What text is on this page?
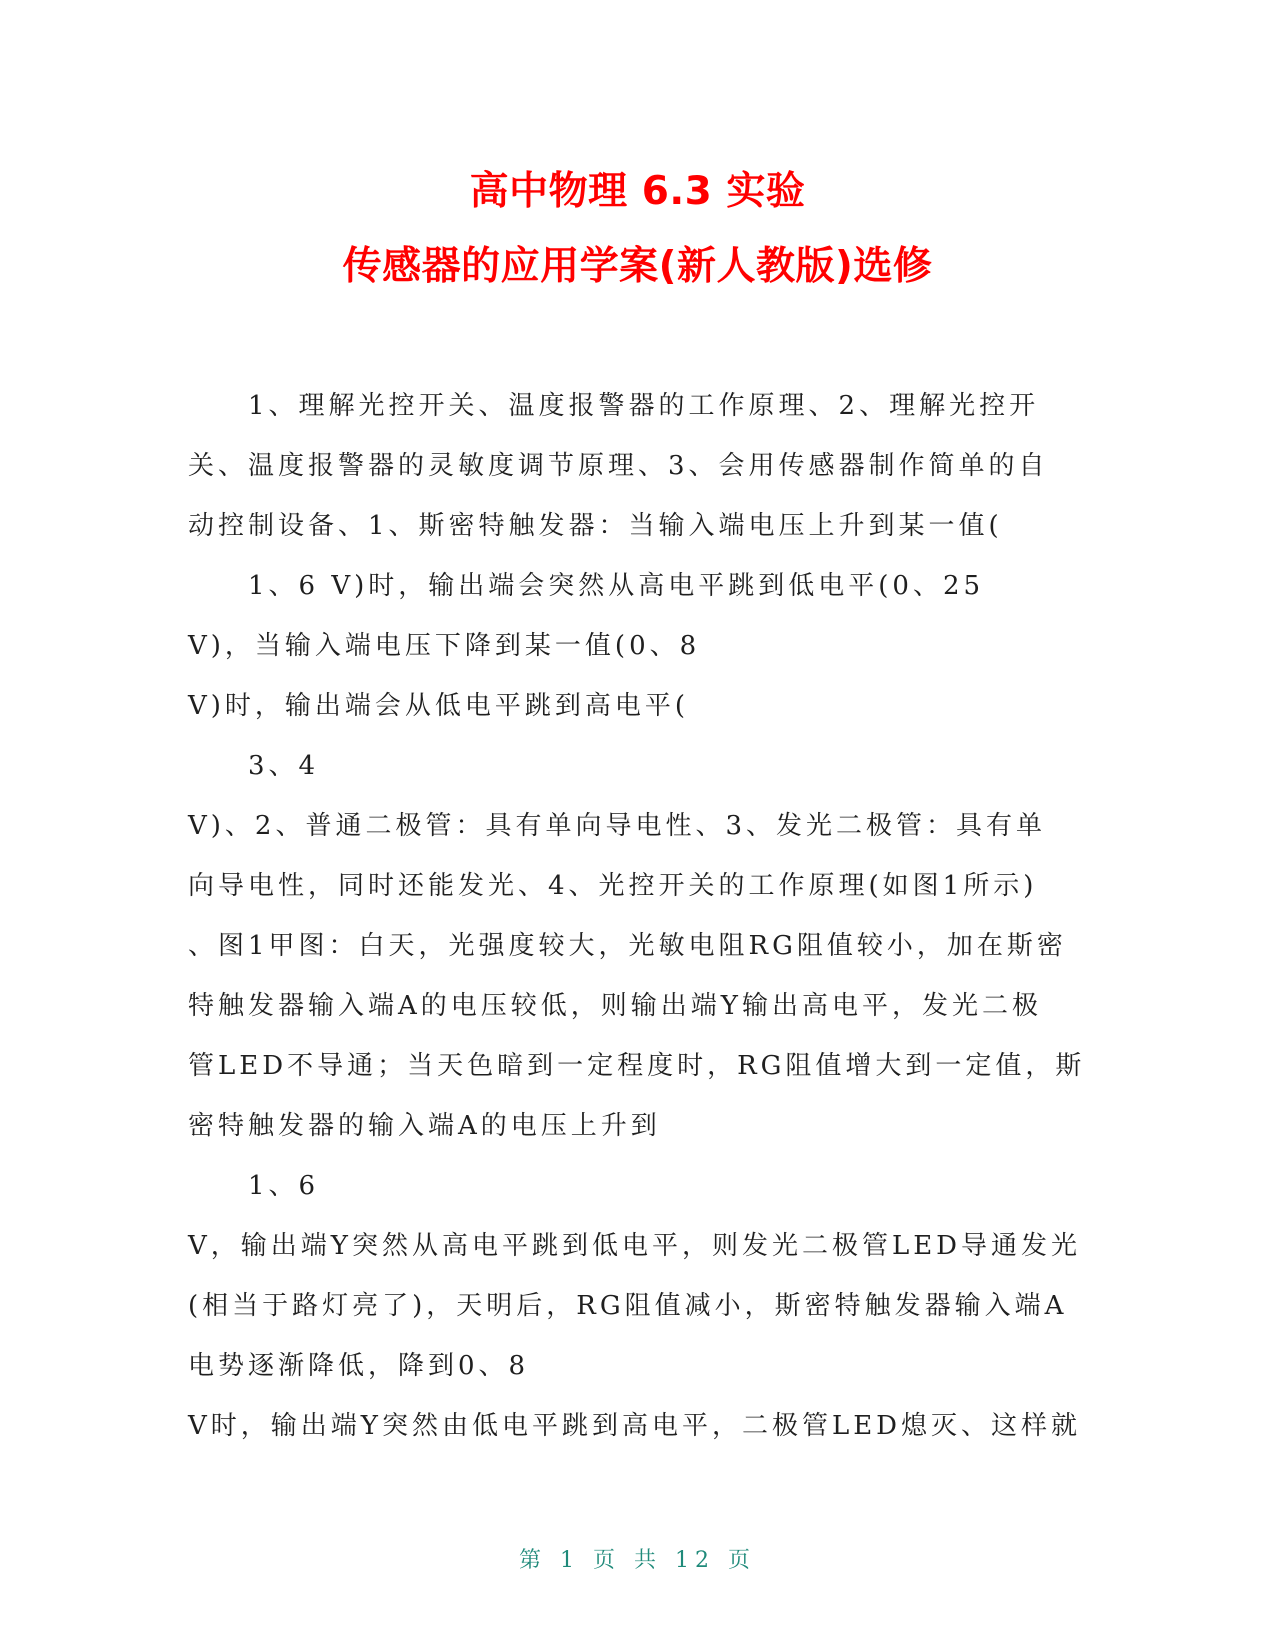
高中物理 6.3 实验
传感器的应用学案(新人教版)选修
1、理解光控开关、温度报警器的工作原理、2、理解光控开
关、温度报警器的灵敏度调节原理、3、会用传感器制作简单的自
动控制设备、1、斯密特触发器：当输入端电压上升到某一值(
1、6 V)时，输出端会突然从高电平跳到低电平(0、25
V)，当输入端电压下降到某一值(0、8
V)时，输出端会从低电平跳到高电平(
3、4
V)、2、普通二极管：具有单向导电性、3、发光二极管：具有单
向导电性，同时还能发光、4、光控开关的工作原理(如图1所示)
、图1甲图：白天，光强度较大，光敏电阻RG阻值较小，加在斯密
特触发器输入端A的电压较低，则输出端Y输出高电平，发光二极
管LED不导通；当天色暗到一定程度时，RG阻值增大到一定值，斯
密特触发器的输入端A的电压上升到
1、6
V，输出端Y突然从高电平跳到低电平，则发光二极管LED导通发光
(相当于路灯亮了)，天明后，RG阻值减小，斯密特触发器输入端A
电势逐渐降低，降到0、8
V时，输出端Y突然由低电平跳到高电平，二极管LED熄灭、这样就
第 1 页 共 12 页
